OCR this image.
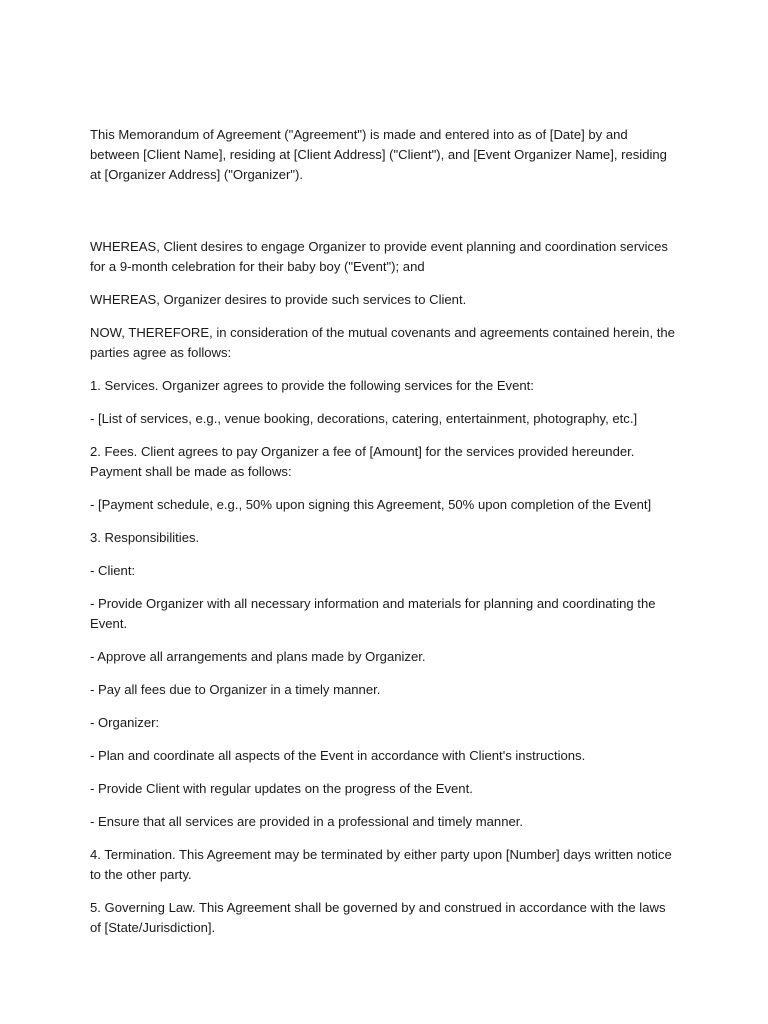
This Memorandum of Agreement ("Agreement") is made and entered into as of [Date] by and between [Client Name], residing at [Client Address] ("Client"), and [Event Organizer Name], residing at [Organizer Address] ("Organizer").

WHEREAS, Client desires to engage Organizer to provide event planning and coordination services for a 9-month celebration for their baby boy ("Event"); and

WHEREAS, Organizer desires to provide such services to Client.

NOW, THEREFORE, in consideration of the mutual covenants and agreements contained herein, the parties agree as follows:

1. Services. Organizer agrees to provide the following services for the Event:

- [List of services, e.g., venue booking, decorations, catering, entertainment, photography, etc.]

2. Fees. Client agrees to pay Organizer a fee of [Amount] for the services provided hereunder. Payment shall be made as follows:

- [Payment schedule, e.g., 50% upon signing this Agreement, 50% upon completion of the Event]

3. Responsibilities.

- Client:

- Provide Organizer with all necessary information and materials for planning and coordinating the Event.

- Approve all arrangements and plans made by Organizer.

- Pay all fees due to Organizer in a timely manner.

- Organizer:

- Plan and coordinate all aspects of the Event in accordance with Client's instructions.

- Provide Client with regular updates on the progress of the Event.

- Ensure that all services are provided in a professional and timely manner.

4. Termination. This Agreement may be terminated by either party upon [Number] days written notice to the other party.

5. Governing Law. This Agreement shall be governed by and construed in accordance with the laws of [State/Jurisdiction].
